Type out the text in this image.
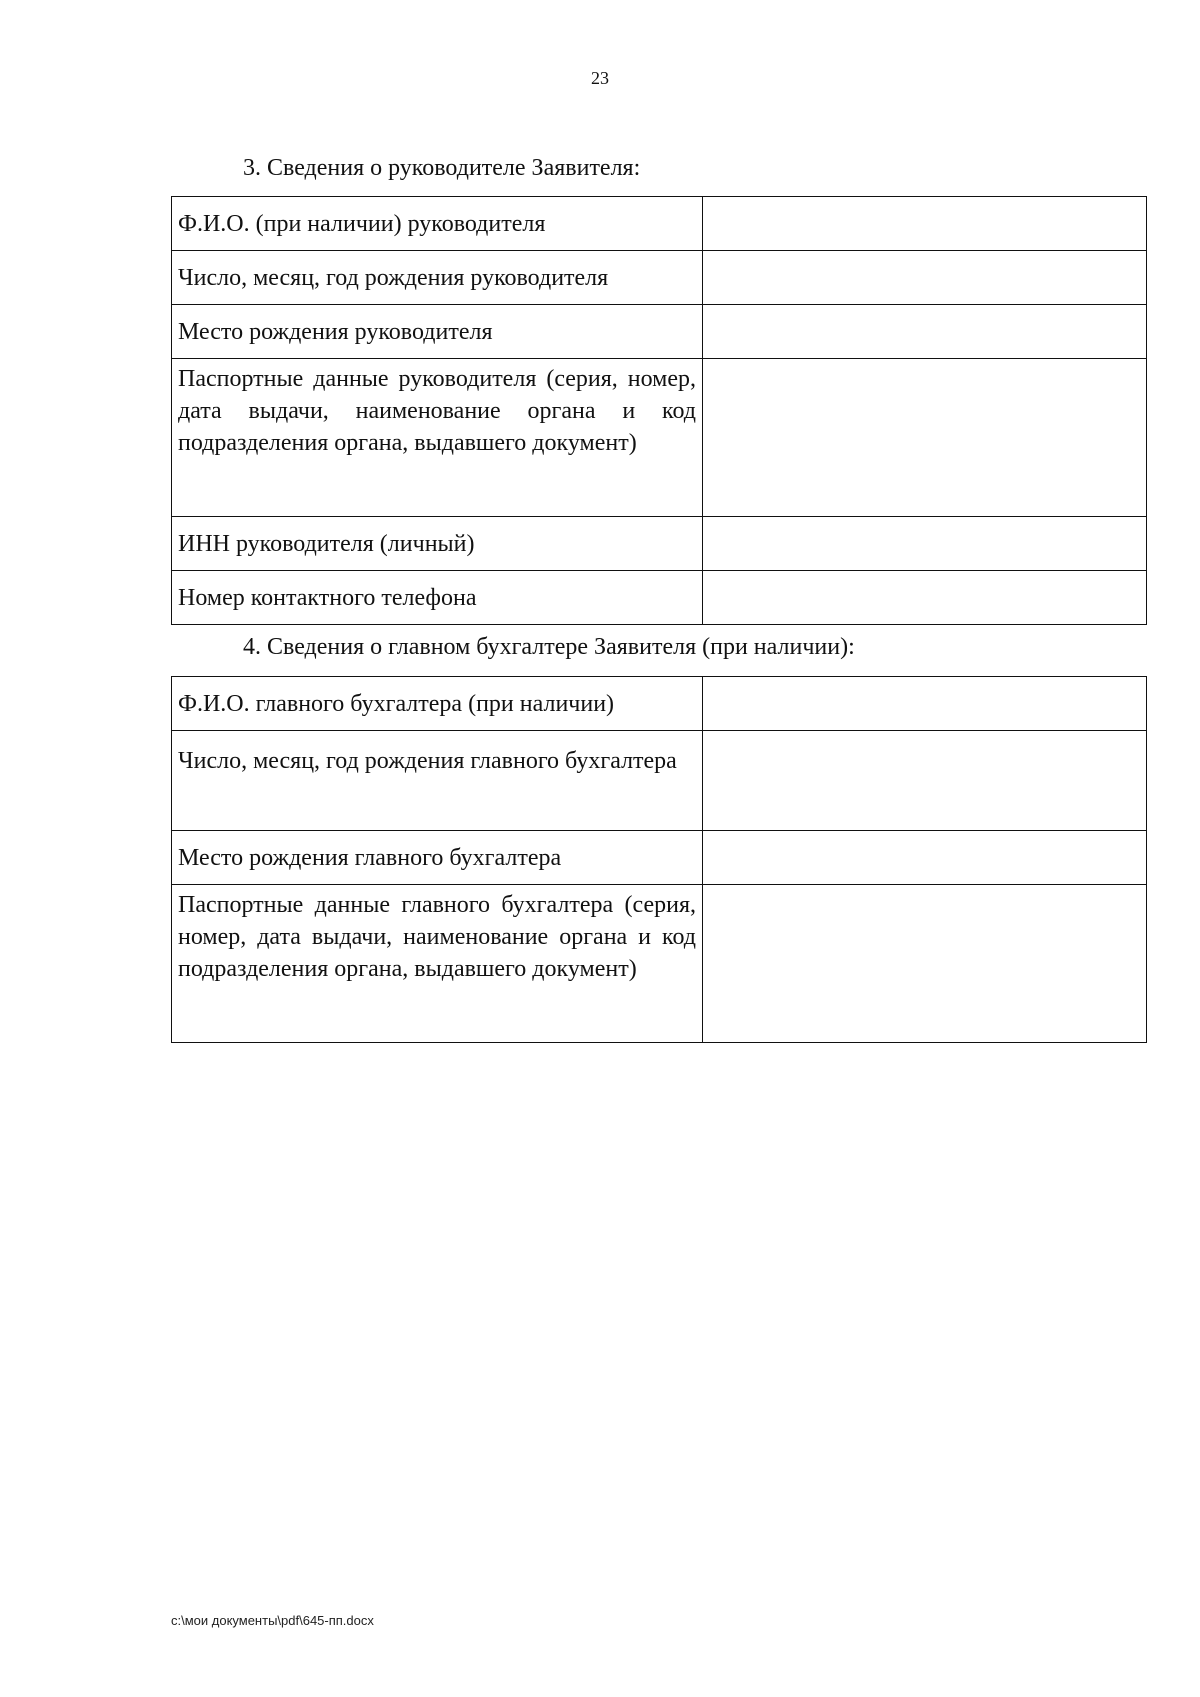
23
3. Сведения о руководителе Заявителя:
Ф.И.О. (при наличии) руководителя	
Число, месяц, год рождения руководителя	
Место рождения руководителя	
Паспортные данные руководителя (серия, номер, дата выдачи, наименование органа и код подразделения органа, выдавшего документ)	
ИНН руководителя (личный)	
Номер контактного телефона	
4. Сведения о главном бухгалтере Заявителя (при наличии):
Ф.И.О. главного бухгалтера (при наличии)	
Число, месяц, год рождения главного бухгалтера	
Место рождения главного бухгалтера	
Паспортные данные главного бухгалтера (серия, номер, дата выдачи, наименование органа и код подразделения органа, выдавшего документ)	
c:\мои документы\pdf\645-пп.docx
